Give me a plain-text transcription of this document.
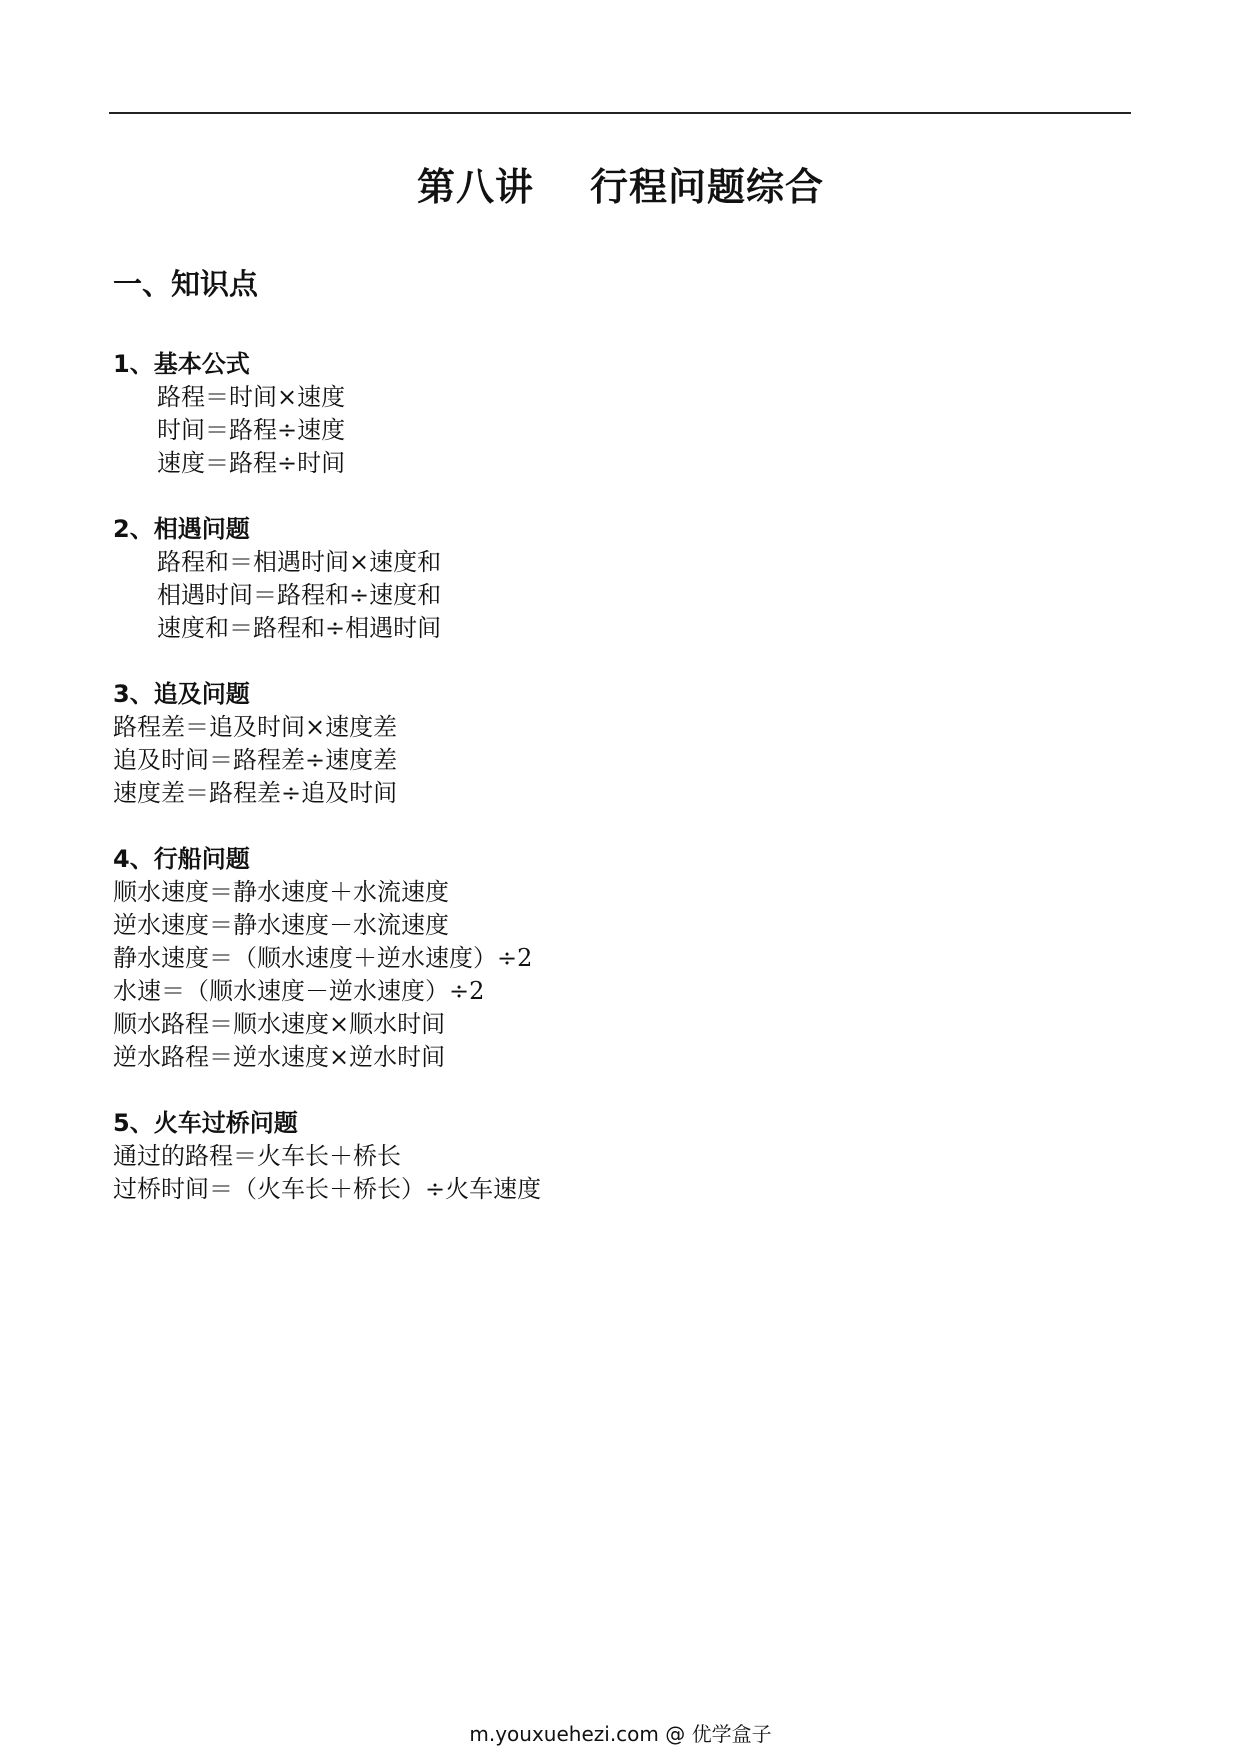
第八讲 行程问题综合
一、知识点
1、基本公式
路程＝时间×速度
时间＝路程÷速度
速度＝路程÷时间
2、相遇问题
路程和＝相遇时间×速度和
相遇时间＝路程和÷速度和
速度和＝路程和÷相遇时间
3、追及问题
路程差＝追及时间×速度差
追及时间＝路程差÷速度差
速度差＝路程差÷追及时间
4、行船问题
顺水速度＝静水速度＋水流速度
逆水速度＝静水速度－水流速度
静水速度＝（顺水速度＋逆水速度）÷2
水速＝（顺水速度－逆水速度）÷2
顺水路程＝顺水速度×顺水时间
逆水路程＝逆水速度×逆水时间
5、火车过桥问题
通过的路程＝火车长＋桥长
过桥时间＝（火车长＋桥长）÷火车速度
m.youxuehezi.com @ 优学盒子
